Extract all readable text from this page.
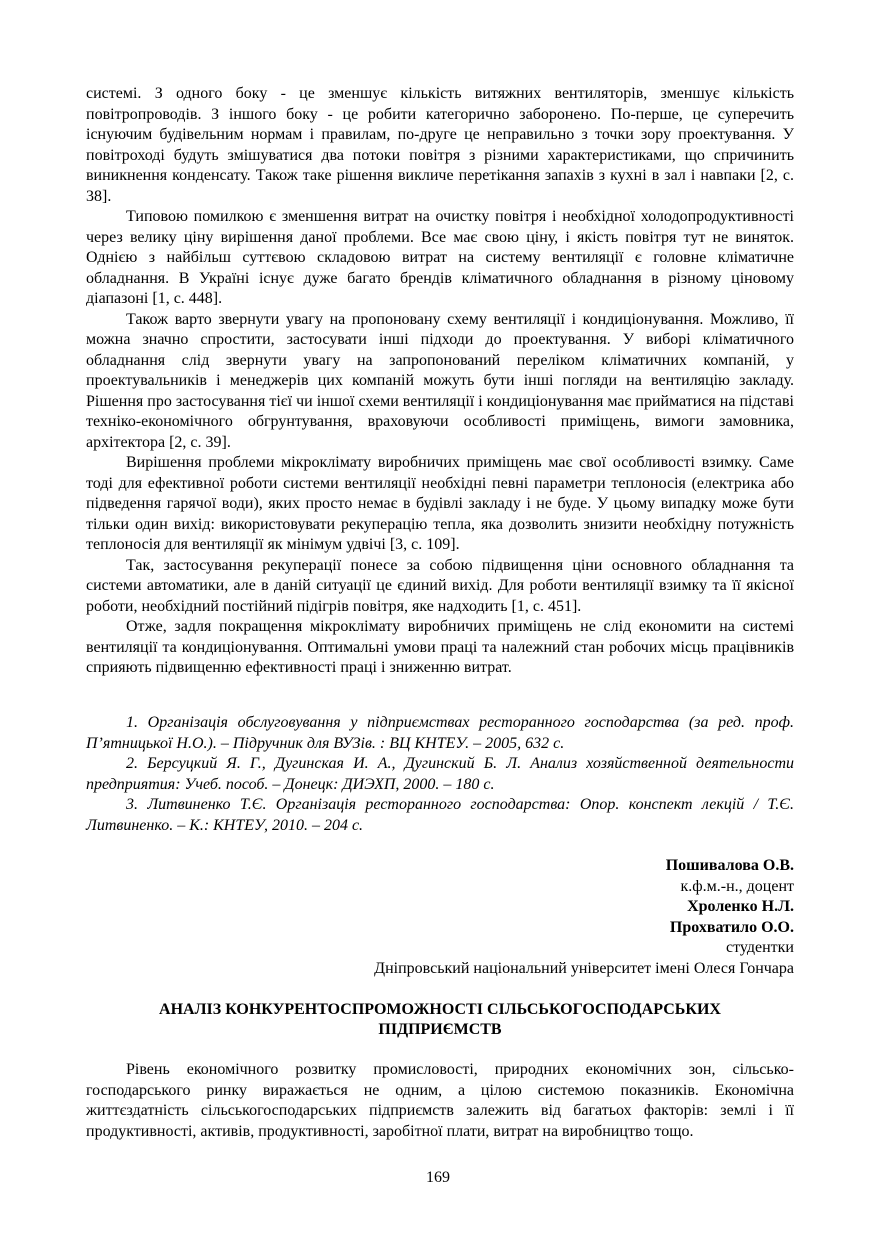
системі. З одного боку - це зменшує кількість витяжних вентиляторів, зменшує кількість повітропроводів. З іншого боку - це робити категорично заборонено. По-перше, це суперечить існуючим будівельним нормам і правилам, по-друге це неправильно з точки зору проектування. У повітроході будуть змішуватися два потоки повітря з різними характеристиками, що спричинить виникнення конденсату. Також таке рішення викличе перетікання запахів з кухні в зал і навпаки [2, с. 38].

Типовою помилкою є зменшення витрат на очистку повітря і необхідної холодопродуктивності через велику ціну вирішення даної проблеми. Все має свою ціну, і якість повітря тут не виняток. Однією з найбільш суттєвою складовою витрат на систему вентиляції є головне кліматичне обладнання. В Україні існує дуже багато брендів кліматичного обладнання в різному ціновому діапазоні [1, с. 448].

Також варто звернути увагу на пропоновану схему вентиляції і кондиціонування. Можливо, її можна значно спростити, застосувати інші підходи до проектування. У виборі кліматичного обладнання слід звернути увагу на запропонований переліком кліматичних компаній, у проектувальників і менеджерів цих компаній можуть бути інші погляди на вентиляцію закладу. Рішення про застосування тієї чи іншої схеми вентиляції і кондиціонування має прийматися на підставі техніко-економічного обгрунтування, враховуючи особливості приміщень, вимоги замовника, архітектора [2, с. 39].

Вирішення проблеми мікроклімату виробничих приміщень має свої особливості взимку. Саме тоді для ефективної роботи системи вентиляції необхідні певні параметри теплоносія (електрика або підведення гарячої води), яких просто немає в будівлі закладу і не буде. У цьому випадку може бути тільки один вихід: використовувати рекуперацію тепла, яка дозволить знизити необхідну потужність теплоносія для вентиляції як мінімум удвічі [3, с. 109].

Так, застосування рекуперації понесе за собою підвищення ціни основного обладнання та системи автоматики, але в даній ситуації це єдиний вихід. Для роботи вентиляції взимку та її якісної роботи, необхідний постійний підігрів повітря, яке надходить [1, с. 451].

Отже, задля покращення мікроклімату виробничих приміщень не слід економити на системі вентиляції та кондиціонування. Оптимальні умови праці та належний стан робочих місць працівників сприяють підвищенню ефективності праці і зниженню витрат.

1. Організація обслуговування у підприємствах ресторанного господарства (за ред. проф. П’ятницької Н.О.). – Підручник для ВУЗів. : ВЦ КНТЕУ. – 2005, 632 с.

2. Берсуцкий Я. Г., Дугинская И. А., Дугинский Б. Л. Анализ хозяйственной деятельности предприятия: Учеб. пособ. – Донецк: ДИЭХП, 2000. – 180 с.

3. Литвиненко Т.Є. Організація ресторанного господарства: Опор. конспект лекцій / Т.Є. Литвиненко. – К.: КНТЕУ, 2010. – 204 с.

Пошивалова О.В.
к.ф.м.-н., доцент
Хроленко Н.Л.
Прохватило О.О.
студентки
Дніпровський національний університет імені Олеся Гончара
АНАЛІЗ КОНКУРЕНТОСПРОМОЖНОСТІ СІЛЬСЬКОГОСПОДАРСЬКИХ
ПІДПРИЄМСТВ

Рівень економічного розвитку промисловості, природних економічних зон, сільсько-господарського ринку виражається не одним, а цілою системою показників. Економічна життєздатність сільськогосподарських підприємств залежить від багатьох факторів: землі і її продуктивності, активів, продуктивності, заробітної плати, витрат на виробництво тощо.

169
